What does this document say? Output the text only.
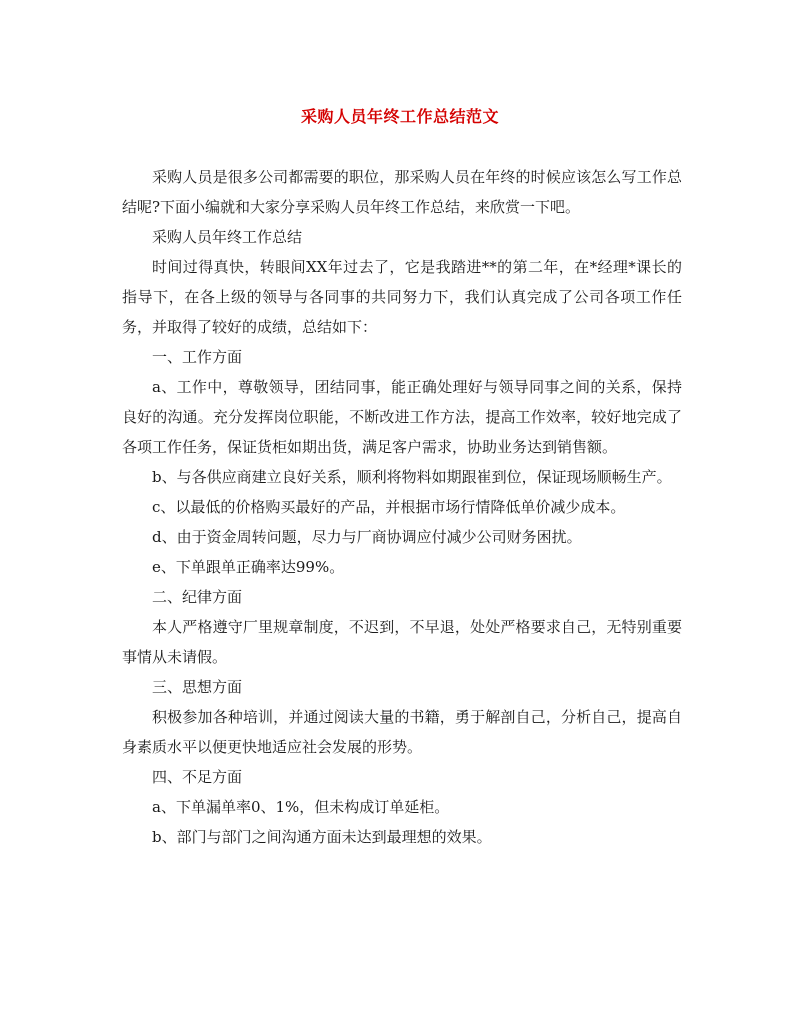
采购人员年终工作总结范文

采购人员是很多公司都需要的职位，那采购人员在年终的时候应该怎么写工作总结呢?下面小编就和大家分享采购人员年终工作总结，来欣赏一下吧。

采购人员年终工作总结

时间过得真快，转眼间XX年过去了，它是我踏进**的第二年，在*经理*课长的指导下，在各上级的领导与各同事的共同努力下，我们认真完成了公司各项工作任务，并取得了较好的成绩，总结如下：

一、工作方面

a、工作中，尊敬领导，团结同事，能正确处理好与领导同事之间的关系，保持良好的沟通。充分发挥岗位职能，不断改进工作方法，提高工作效率，较好地完成了各项工作任务，保证货柜如期出货，满足客户需求，协助业务达到销售额。

b、与各供应商建立良好关系，顺利将物料如期跟崔到位，保证现场顺畅生产。

c、以最低的价格购买最好的产品，并根据市场行情降低单价减少成本。

d、由于资金周转问题，尽力与厂商协调应付减少公司财务困扰。

e、下单跟单正确率达99%。

二、纪律方面

本人严格遵守厂里规章制度，不迟到，不早退，处处严格要求自己，无特别重要事情从未请假。

三、思想方面

积极参加各种培训，并通过阅读大量的书籍，勇于解剖自己，分析自己，提高自身素质水平以便更快地适应社会发展的形势。

四、不足方面

a、下单漏单率0、1%，但未构成订单延柜。

b、部门与部门之间沟通方面未达到最理想的效果。
